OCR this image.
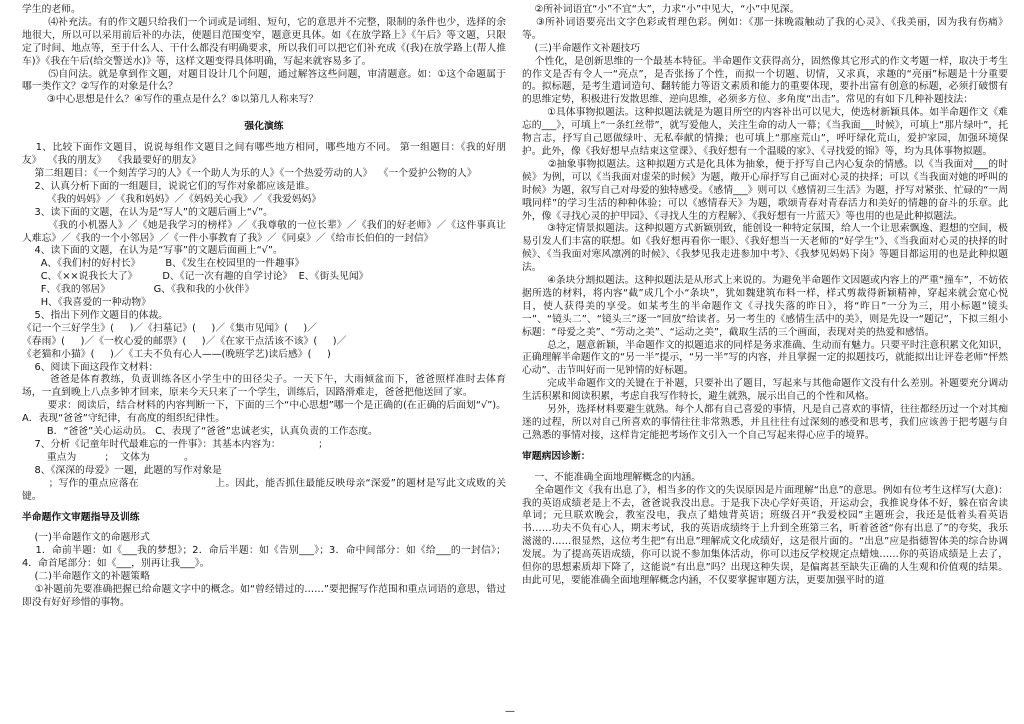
学生的老师。

⑷补充法。有的作文题只给我们一个词或是词组、短句，它的意思并不完整，限制的条件也少，选择的余地很大，所以可以采用前后补的办法，使题目范围变窄，题意更具体。如《在放学路上》《午后》等文题，只限定了时间、地点等，至于什么人、干什么都没有明确要求，所以我们可以把它们补充成《(我)在放学路上(帮人推车)》《我在午后(给交警送水)》等，这样文题变得具体明确，写起来就容易多了。

⑸自问法。就是拿到作文题，对题目设计几个问题，通过解答这些问题，审清题意。如：①这个命题属于哪一类作文？②写作的对象是什么？

③中心思想是什么？④写作的重点是什么？⑤以第几人称来写？

强化演练

1、比较下面作文题目，说说每组作文题目之间有哪些地方相同，哪些地方不同。 第一组题目：《我的好朋友》  《我的朋友》  《我最要好的朋友》

第二组题目：《一个刻苦学习的人》《一个助人为乐的人》《一个热爱劳动的人》  《一个爱护公物的人》

2、认真分析下面的一组题目，说说它们的写作对象都应该是谁。

《我的妈妈》／《我和妈妈》／《妈妈关心我》／《我爱妈妈》

3、读下面的文题，在认为是“写人”的文题后画上“√”。

《我的小机器人》／《她是我学习的榜样》／《我尊敬的一位长辈》／《我们的好老师》／《这件事真让人难忘》／《我的一个小邻居》／《一件小事教育了我》／《同桌》／《给市长伯伯的一封信》

4、读下面的文题，在认为是“写事”的文题后面画上“√”。

A、《我们村的好村长》        B、《发生在校园里的一件趣事》

C、《××说我长大了》        D、《记一次有趣的自学讨论》  E、《街头见闻》

F、《我的邻居》              G、《我和我的小伙伴》

H、《我喜爱的一种动物》

5、指出下列作文题目的体裁。

《记一个三好学生》(     )／《扫墓记》(     )／《集市见闻》(     )／

《春雨》(     )／《一枚心爱的邮票》(     )／《在家干点活该不该》(     )／

《老猫和小猫》(     )／《工夫不负有心人——(晚班学艺)读后感》(     )

6、阅读下面这段作文材料：

爸爸是体育教练，负责训练各区小学生中的田径尖子。一天下午，大雨倾盆而下，爸爸照样准时去体育场，一直到晚上八点多钟才回来，原来今天只来了一个学生，训练后，因路滑难走，爸爸把他送回了家。

要求：阅读后，结合材料的内容判断一下，下面的三个“中心思想”哪一个是正确的(在正确的后面划“√”)。 A．表现“爸爸”守纪律，有高度的组织纪律性。

B．“爸爸”关心运动员。 C、表现了“爸爸”忠诚老实，认真负责的工作态度。

7、分析《记童年时代最难忘的一件事》：其基本内容为：            ；

重点为         ；  文体为           。

8、《深深的母爱》一题，此题的写作对象是

；写作的重点应落在                       上。因此，能否抓住最能反映母亲“深爱”的题材是写此文成败的关键。

半命题作文审题指导及训练

(一)半命题作文的命题形式

1．命前半题：如《___我的梦想》；2．命后半题：如《告别___》；3．命中间部分：如《给___的一封信》；4．命首尾部分：如《___，别再让我___》。

(二)半命题作文的补题策略

①补题前先要准确把握已给命题文字中的概念。如“曾经错过的……”要把握写作范围和重点词语的意思，错过即没有好好珍惜的事物。

②所补词语宜“小”不宜“大”，力求“小”中见大，“小”中见深。

③所补词语要亮出文字色彩或哲理色彩。例如：《那一抹晚霞触动了我的心灵》、《我美丽，因为我有伤痛》等。

(三)半命题作文补题技巧

个性化，是创新思维的一个最基本特征。半命题作文获得高分，固然像其它形式的作文考题一样，取决于考生的作文是否有令人一“亮点”，是否张扬了个性，而拟一个切题、切情，又求真，求趣的“亮丽”标题是十分重要的。拟标题，是考生遣词造句、翻转能力等语文素质和能力的重要体现，要扑出富有创意的标题，必须打破惯有的思维定势，积极进行发散思维、逆向思维，必须多方位、多角度“出击”。常见的有如下几种补题技法：

①具体事物拟题法。这种拟题法就是为题目所空的内容补出可以见大，使选材新颖具体。如半命题作文《难忘的___》，可填上“一条红丝带”，就写爱他人，关注生命的动人一幕；《当我面___时候》，可填上“那片绿叶”，托物言志，抒写自己愿做绿叶、无私奉献的情操；也可填上“那座荒山”，呼吁绿化荒山，爱护家园，加强环境保护。此外，像《我好想早点结束这堂课》、《我好想有一个温暖的家》、《寻找爱的锦》等，均为具体事物拟题。

②抽象事物拟题法。这种拟题方式是化具体为抽象，便于抒写自己内心复杂的情感。以《当我面对___的时候》为例，可以《当我面对虚荣的时候》为题，敞开心扉抒写自己面对心灵的抉择；可以《当我面对她的呼叫的时候》为题，叙写自己对母爱的独特感受。《感情___》则可以《感情初三生活》为题，抒写对紧张、忙碌的“一周哦同样”的学习生活的种种体验；可以《感情春天》为题，歌颂青春对青春活力和美好的情趣的奋斗的乐章。此外，像《寻找心灵的护甲园》、《寻找人生的方程解》、《我好想有一片蓝天》等也用的也是此种拟题法。

③特定情景拟题法。这种拟题方式新颖别致，能创设一种特定氛围，给人一个让思索飘逸、遐想的空间，极易引发人们丰富的联想。如《我好想再看你一眼》、《我好想当一天老师的“好学生”》、《当我面对心灵的抉择的时候》、《当我面对寒风凛冽的时候》、《我梦见我走进参加中考》、《我梦见妈妈下岗》等题目都运用的也是此种拟题法。

④条块分割拟题法。这种拟题法是从形式上来说的。为避免半命题作文因题或内容上的严重“撞车”，不妨依据所选的材料，将内容“截”成几个小“条块”，犹如魏建筑布料一样，样式剪裁得新颖精神，穿起来就会宽心悦目，使人获得美的享受。如某考生的半命题作文《寻找失落的昨日》，将“昨日”一分为三，用小标题“镜头一”、“镜头二”、“镜头三”逐一“回放”给读者。另一考生的《感情生活中的美》，则是先设一“题记”，下拟三组小标题：“母爱之美”、“劳动之美”、“运动之美”，截取生活的三个画面，表现对美的热爱和感悟。

总之，题意新颖，半命题作文的拟题追求的同样是务求准确、生动而有魅力。只要平时注意积累文化知识，正确理解半命题作文的“另一半”提示，“另一半”写的内容，并且掌握一定的拟题技巧，就能拟出让评卷老师“怦然心动”、击节叫好而一见钟情的好标题。

完成半命题作文的关键在于补题，只要补出了题目，写起来与其他命题作文没有什么差别。补题要充分调动生活积累和阅读积累，考虑自我写作特长，避生就熟，展示出自己的个性和风格。

另外，选择材料要避生就熟。每个人都有自己喜爱的事情，凡是自己喜欢的事情，往往都经历过一个对其痴迷的过程，所以对自己所喜欢的事情往往非常熟悉，并且往往有过深刻的感受和思考，我们应该善于把考题与自己熟悉的事情对接，这样肯定能把考场作文引入一个自己写起来得心应手的境界。

审题病因诊断：

一、不能准确全面地理解概念的内涵。

全命题作文《我有出息了》，相当多的作文的失误原因是片面理解“出息”的意思。例如有位考生这样写(大意)：我的英语成绩老是上不去，爸爸说我没出息。于是我下决心学好英语，开运动会，我推说身体不好，躲在宿舍读单词；元旦联欢晚会，教室没电，我点了蜡烛背英语；班级召开“我爱校园”主题班会，我还是低着头看英语书……功夫不负有心人，期末考试，我的英语成绩终于上升到全班第三名，听着爸爸“你有出息了”的夸奖，我乐滋滋的……很显然，这位考生把“有出息”理解成文化成绩好，这是很片面的。“出息”应是指德智体美的综合协调发展。为了提高英语成绩，你可以说不参加集体活动，你可以违反学校规定点蜡烛……你的英语成绩是上去了，但你的思想素质却下降了，这能说“有出息”吗？出现这种失误，是偏离甚至缺失正确的人生观和价值观的结果。由此可见，要能准确全面地理解概念内涵，不仅要掌握审题方法，更要加强平时的道

—
